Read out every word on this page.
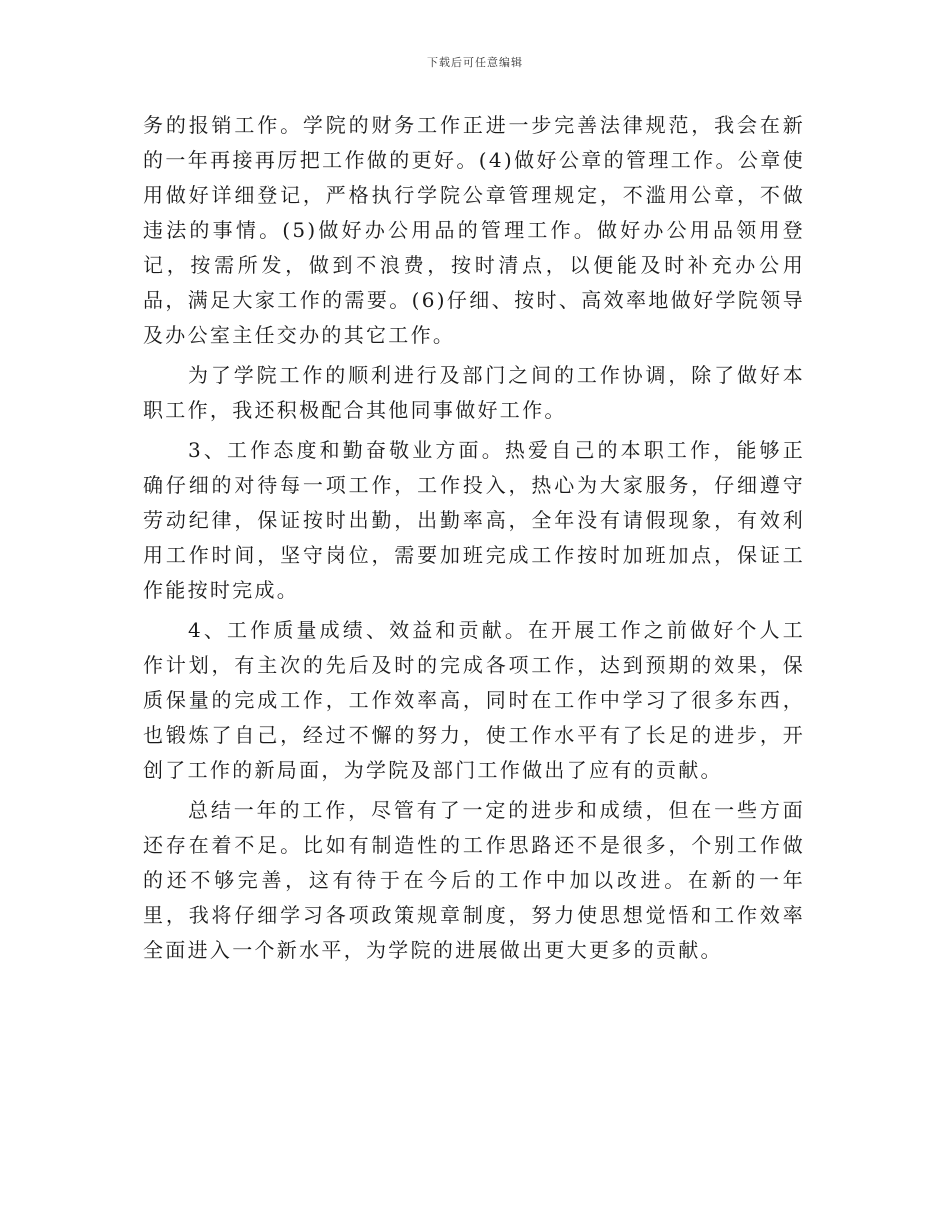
下载后可任意编辑

务的报销工作。学院的财务工作正进一步完善法律规范，我会在新的一年再接再厉把工作做的更好。(4)做好公章的管理工作。公章使用做好详细登记，严格执行学院公章管理规定，不滥用公章，不做违法的事情。(5)做好办公用品的管理工作。做好办公用品领用登记，按需所发，做到不浪费，按时清点，以便能及时补充办公用品，满足大家工作的需要。(6)仔细、按时、高效率地做好学院领导及办公室主任交办的其它工作。

为了学院工作的顺利进行及部门之间的工作协调，除了做好本职工作，我还积极配合其他同事做好工作。

3、工作态度和勤奋敬业方面。热爱自己的本职工作，能够正确仔细的对待每一项工作，工作投入，热心为大家服务，仔细遵守劳动纪律，保证按时出勤，出勤率高，全年没有请假现象，有效利用工作时间，坚守岗位，需要加班完成工作按时加班加点，保证工作能按时完成。

4、工作质量成绩、效益和贡献。在开展工作之前做好个人工作计划，有主次的先后及时的完成各项工作，达到预期的效果，保质保量的完成工作，工作效率高，同时在工作中学习了很多东西，也锻炼了自己，经过不懈的努力，使工作水平有了长足的进步，开创了工作的新局面，为学院及部门工作做出了应有的贡献。

总结一年的工作，尽管有了一定的进步和成绩，但在一些方面还存在着不足。比如有制造性的工作思路还不是很多，个别工作做的还不够完善，这有待于在今后的工作中加以改进。在新的一年里，我将仔细学习各项政策规章制度，努力使思想觉悟和工作效率全面进入一个新水平，为学院的进展做出更大更多的贡献。
